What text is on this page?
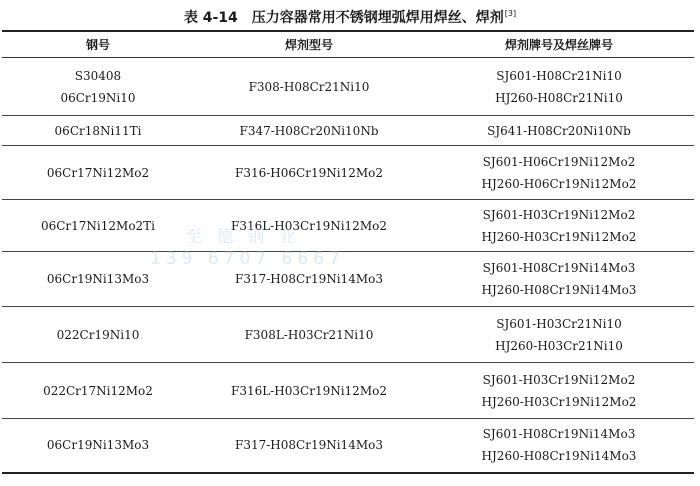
表 4-14 压力容器常用不锈钢埋弧焊用焊丝、焊剂[3]
钢号	焊剂型号	焊剂牌号及焊丝牌号

S30408
06Cr19Ni10	F308-H08Cr21Ni10	SJ601-H08Cr21Ni10
HJ260-H08Cr21Ni10

06Cr18Ni11Ti	F347-H08Cr20Ni10Nb	SJ641-H08Cr20Ni10Nb

06Cr17Ni12Mo2	F316-H06Cr19Ni12Mo2	SJ601-H06Cr19Ni12Mo2
HJ260-H06Cr19Ni12Mo2

06Cr17Ni12Mo2Ti	F316L-H03Cr19Ni12Mo2	SJ601-H03Cr19Ni12Mo2
HJ260-H03Cr19Ni12Mo2

06Cr19Ni13Mo3	F317-H08Cr19Ni14Mo3	SJ601-H08Cr19Ni14Mo3
HJ260-H08Cr19Ni14Mo3

022Cr19Ni10	F308L-H03Cr21Ni10	SJ601-H03Cr21Ni10
HJ260-H03Cr21Ni10

022Cr17Ni12Mo2	F316L-H03Cr19Ni12Mo2	SJ601-H03Cr19Ni12Mo2
HJ260-H03Cr19Ni12Mo2

06Cr19Ni13Mo3	F317-H08Cr19Ni14Mo3	SJ601-H08Cr19Ni14Mo3
HJ260-H08Cr19Ni14Mo3
至德钢业
139 6707 6667
